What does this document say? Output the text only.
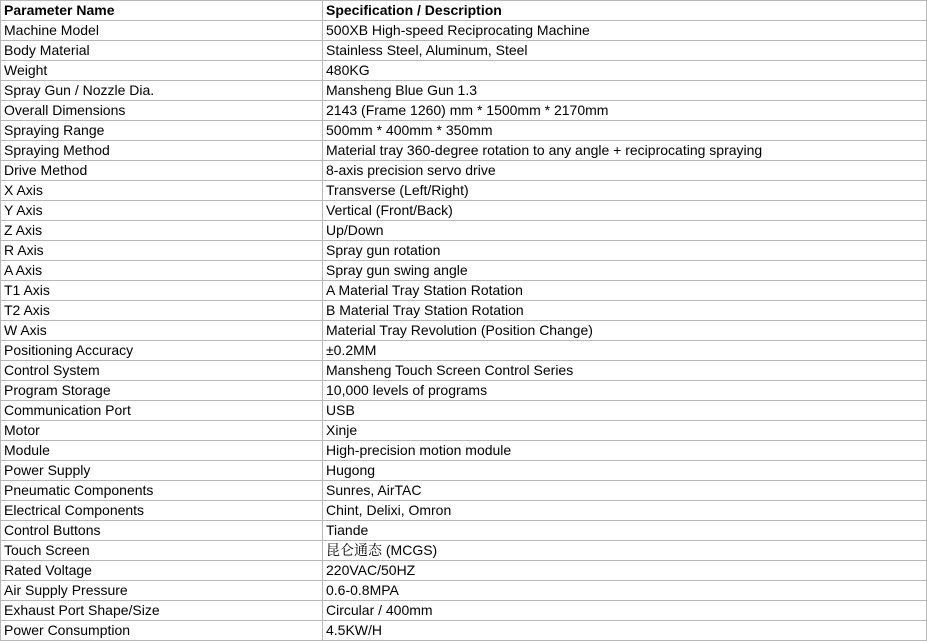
Parameter Name	Specification / Description
Machine Model	500XB High-speed Reciprocating Machine
Body Material	Stainless Steel, Aluminum, Steel
Weight	480KG
Spray Gun / Nozzle Dia.	Mansheng Blue Gun 1.3
Overall Dimensions	2143 (Frame 1260) mm * 1500mm * 2170mm
Spraying Range	500mm * 400mm * 350mm
Spraying Method	Material tray 360-degree rotation to any angle + reciprocating spraying
Drive Method	8-axis precision servo drive
X Axis	Transverse (Left/Right)
Y Axis	Vertical (Front/Back)
Z Axis	Up/Down
R Axis	Spray gun rotation
A Axis	Spray gun swing angle
T1 Axis	A Material Tray Station Rotation
T2 Axis	B Material Tray Station Rotation
W Axis	Material Tray Revolution (Position Change)
Positioning Accuracy	±0.2MM
Control System	Mansheng Touch Screen Control Series
Program Storage	10,000 levels of programs
Communication Port	USB
Motor	Xinje
Module	High-precision motion module
Power Supply	Hugong
Pneumatic Components	Sunres, AirTAC
Electrical Components	Chint, Delixi, Omron
Control Buttons	Tiande
Touch Screen	昆仑通态 (MCGS)
Rated Voltage	220VAC/50HZ
Air Supply Pressure	0.6-0.8MPA
Exhaust Port Shape/Size	Circular / 400mm
Power Consumption	4.5KW/H
